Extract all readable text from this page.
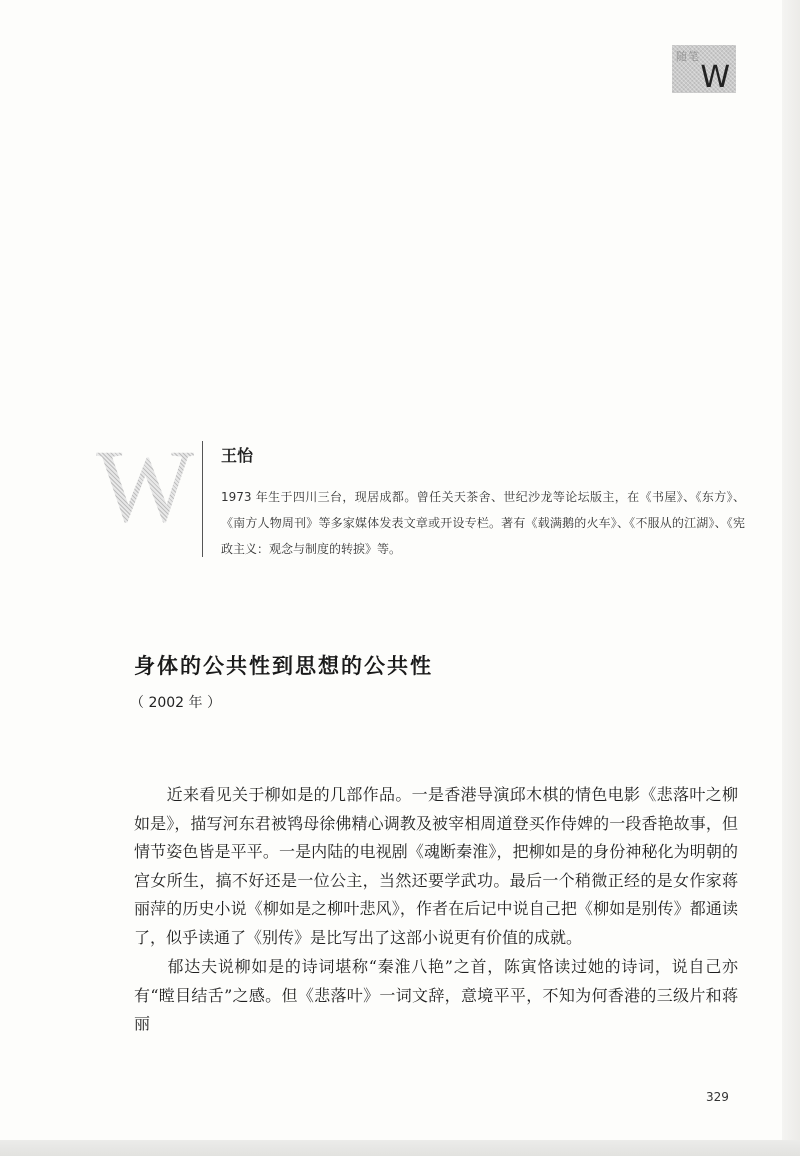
随笔
W
W 王怡
1973 年生于四川三台，现居成都。曾任关天茶舍、世纪沙龙等论坛版主，在《书屋》、《东方》、《南方人物周刊》等多家媒体发表文章或开设专栏。著有《载满鹅的火车》、《不服从的江湖》、《宪政主义：观念与制度的转捩》等。
身体的公共性到思想的公共性
（ 2002 年 ）

　　近来看见关于柳如是的几部作品。一是香港导演邱木棋的情色电影《悲落叶之柳如是》，描写河东君被鸨母徐佛精心调教及被宰相周道登买作侍婢的一段香艳故事，但情节姿色皆是平平。一是内陆的电视剧《魂断秦淮》，把柳如是的身份神秘化为明朝的宫女所生，搞不好还是一位公主，当然还要学武功。最后一个稍微正经的是女作家蒋丽萍的历史小说《柳如是之柳叶悲风》，作者在后记中说自己把《柳如是别传》都通读了，似乎读通了《别传》是比写出了这部小说更有价值的成就。

　　郁达夫说柳如是的诗词堪称“秦淮八艳”之首，陈寅恪读过她的诗词，说自己亦有“瞠目结舌”之感。但《悲落叶》一词文辞，意境平平，不知为何香港的三级片和蒋丽

329
